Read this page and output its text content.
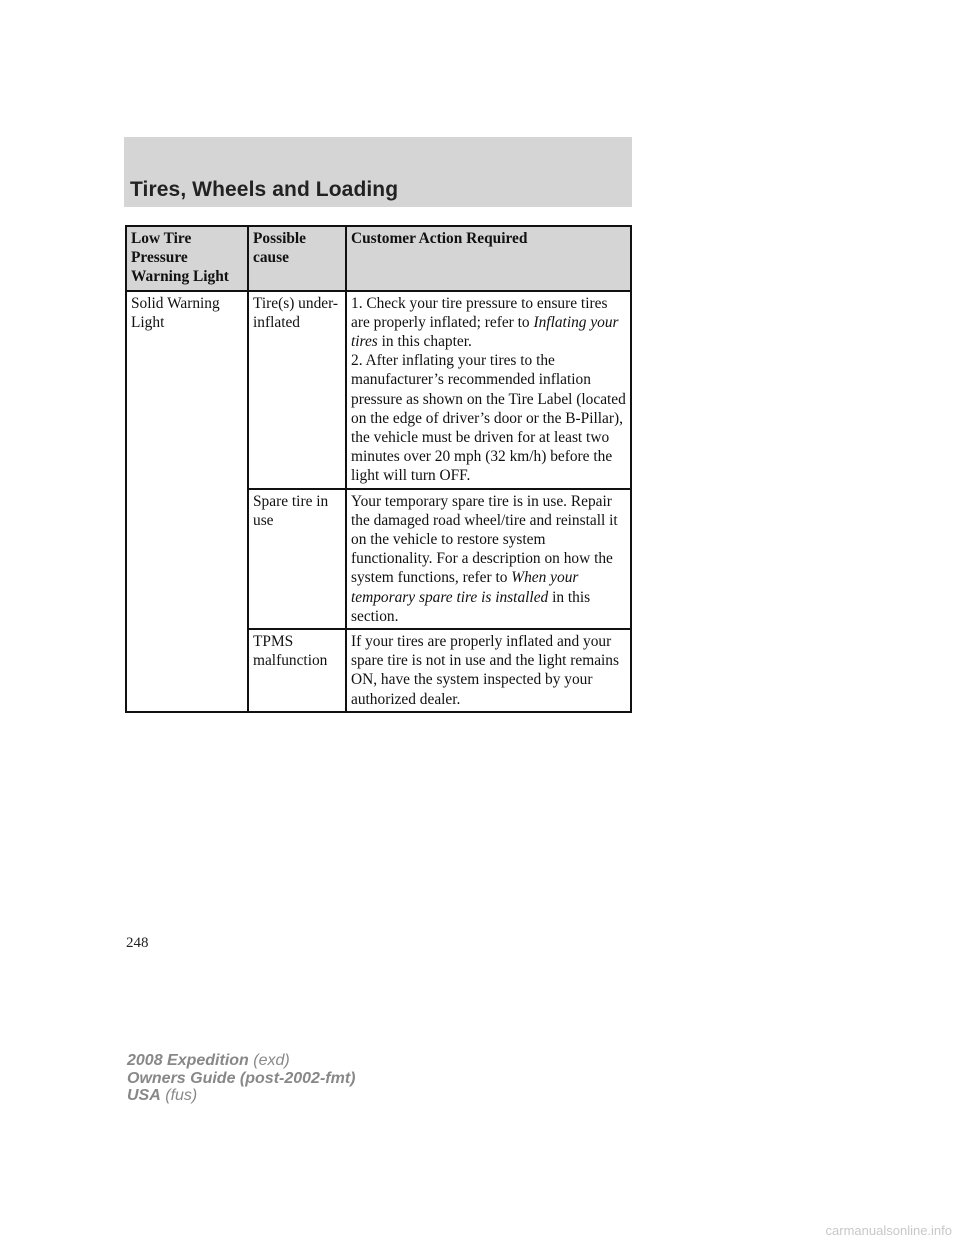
Tires, Wheels and Loading
Low Tire Pressure Warning Light	Possible cause	Customer Action Required
Solid Warning Light	Tire(s) under-inflated	1. Check your tire pressure to ensure tires are properly inflated; refer to Inflating your tires in this chapter.
2. After inflating your tires to the manufacturer’s recommended inflation pressure as shown on the Tire Label (located on the edge of driver’s door or the B-Pillar), the vehicle must be driven for at least two minutes over 20 mph (32 km/h) before the light will turn OFF.
	Spare tire in use	Your temporary spare tire is in use. Repair the damaged road wheel/tire and reinstall it on the vehicle to restore system functionality. For a description on how the system functions, refer to When your temporary spare tire is installed in this section.
	TPMS malfunction	If your tires are properly inflated and your spare tire is not in use and the light remains ON, have the system inspected by your authorized dealer.
248
2008 Expedition (exd)
Owners Guide (post-2002-fmt)
USA (fus)
carmanualsonline.info
